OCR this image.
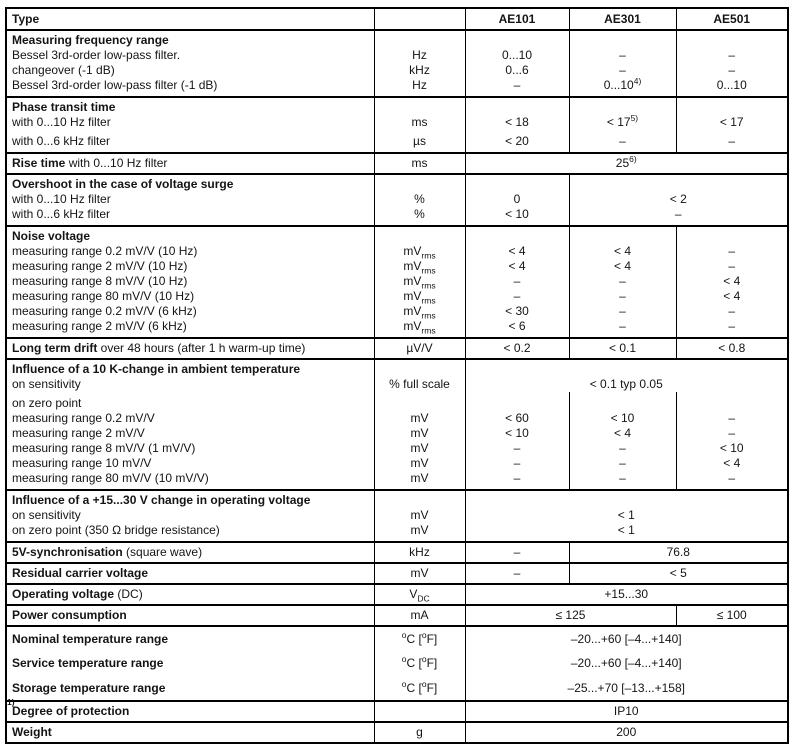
Type		AE101	AE301	AE501
Measuring frequency range				
Bessel 3rd-order low-pass filter.	Hz	0...10	–	–
changeover (-1 dB)	kHz	0...6	–	–
Bessel 3rd-order low-pass filter (-1 dB)	Hz	–	0...10$^{4)}$	0...10
Phase transit time				
with 0...10 Hz filter	ms	< 18	< $17^{5)}$	< 17
with 0...6 kHz filter	µs	< 20	–	–
Rise time with 0...10 Hz filter	ms	25$^{6)}$
Overshoot in the case of voltage surge				
with 0...10 Hz filter	%	0	< 2	
with 0...6 kHz filter	%	< 10	–	
Noise voltage				
measuring range 0.2 mV/V (10 Hz)	$mV_{rms}$	< 4	< 4	–
measuring range 2 mV/V (10 Hz)	$mV_{rms}$	< 4	< 4	–
measuring range 8 mV/V (10 Hz)	$mV_{rms}$	–	–	< 4
measuring range 80 mV/V (10 Hz)	$mV_{rms}$	–	–	< 4
measuring range 0.2 mV/V (6 kHz)	$mV_{rms}$	< 30	–	–
measuring range 2 mV/V (6 kHz)	$mV_{rms}$	< 6	–	–
Long term drift over 48 hours (after 1 h warm-up time)	µV/V	< 0.2	< 0.1	< 0.8
Influence of a 10 K-change in ambient temperature				
on sensitivity	% full scale	< 0.1 typ 0.05		
on zero point				
measuring range 0.2 mV/V	mV	< 60	< 10	–
measuring range 2 mV/V	mV	< 10	< 4	–
measuring range 8 mV/V (1 mV/V)	mV	–	–	< 10
measuring range 10 mV/V	mV	–	–	< 4
measuring range 80 mV/V (10 mV/V)	mV	–	–	–
Influence of a +15...30 V change in operating voltage				
on sensitivity	mV	< 1		
on zero point (350 Ω bridge resistance)	mV	< 1		
5V-synchronisation (square wave)	kHz	–	76.8	
Residual carrier voltage	mV	–	< 5	
Operating voltage (DC)	$V_{DC}$	+15...30		
Power consumption	mA	≤ 125		≤ 100
Nominal temperature range	$^o$C [$^o$F]	–20...+60 [–4...+140]		
Service temperature range	$^o$C [$^o$F]	–20...+60 [–4...+140]		
Storage temperature range	$^o$C [$^o$F]	–25...+70 [–13...+158]		
Degree of protection		IP10		
Weight	g	200		
$^{1)}$
